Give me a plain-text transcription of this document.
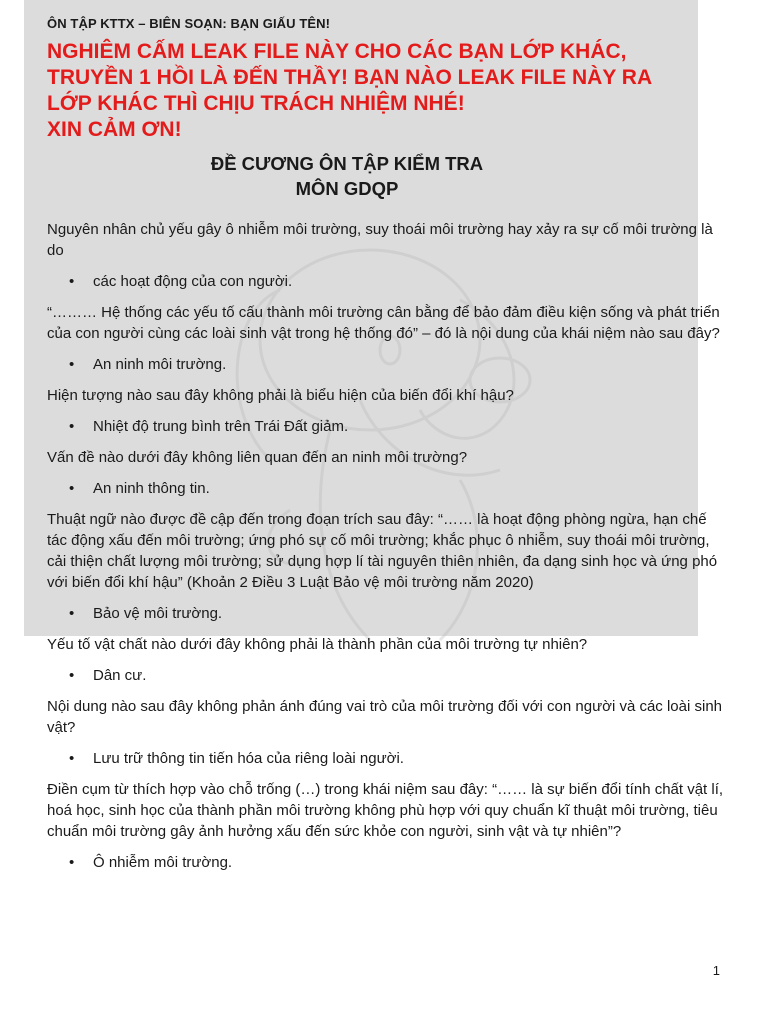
ÔN TẬP KTTX – BIÊN SOẠN: BẠN GIẤU TÊN!
NGHIÊM CẤM LEAK FILE NÀY CHO CÁC BẠN LỚP KHÁC,
TRUYỀN 1 HỒI LÀ ĐẾN THẦY! BẠN NÀO LEAK FILE NÀY RA
LỚP KHÁC THÌ CHỊU TRÁCH NHIỆM NHÉ!
XIN CẢM ƠN!
ĐỀ CƯƠNG ÔN TẬP KIỂM TRA
MÔN GDQP

Nguyên nhân chủ yếu gây ô nhiễm môi trường, suy thoái môi trường hay xảy ra sự cố môi trường là do

• các hoạt động của con người.

“……… Hệ thống các yếu tố cấu thành môi trường cân bằng để bảo đảm điều kiện sống và phát triển của con người cùng các loài sinh vật trong hệ thống đó” – đó là nội dung của khái niệm nào sau đây?

• An ninh môi trường.

Hiện tượng nào sau đây không phải là biểu hiện của biến đổi khí hậu?

• Nhiệt độ trung bình trên Trái Đất giảm.

Vấn đề nào dưới đây không liên quan đến an ninh môi trường?

• An ninh thông tin.

Thuật ngữ nào được đề cập đến trong đoạn trích sau đây: “…… là hoạt động phòng ngừa, hạn chế tác động xấu đến môi trường; ứng phó sự cố môi trường; khắc phục ô nhiễm, suy thoái môi trường, cải thiện chất lượng môi trường; sử dụng hợp lí tài nguyên thiên nhiên, đa dạng sinh học và ứng phó với biến đổi khí hậu” (Khoản 2 Điều 3 Luật Bảo vệ môi trường năm 2020)

• Bảo vệ môi trường.

Yếu tố vật chất nào dưới đây không phải là thành phần của môi trường tự nhiên?

• Dân cư.

Nội dung nào sau đây không phản ánh đúng vai trò của môi trường đối với con người và các loài sinh vật?

• Lưu trữ thông tin tiến hóa của riêng loài người.

Điền cụm từ thích hợp vào chỗ trống (…) trong khái niệm sau đây: “…… là sự biến đổi tính chất vật lí, hoá học, sinh học của thành phần môi trường không phù hợp với quy chuẩn kĩ thuật môi trường, tiêu chuẩn môi trường gây ảnh hưởng xấu đến sức khỏe con người, sinh vật và tự nhiên”?

• Ô nhiễm môi trường.

1
